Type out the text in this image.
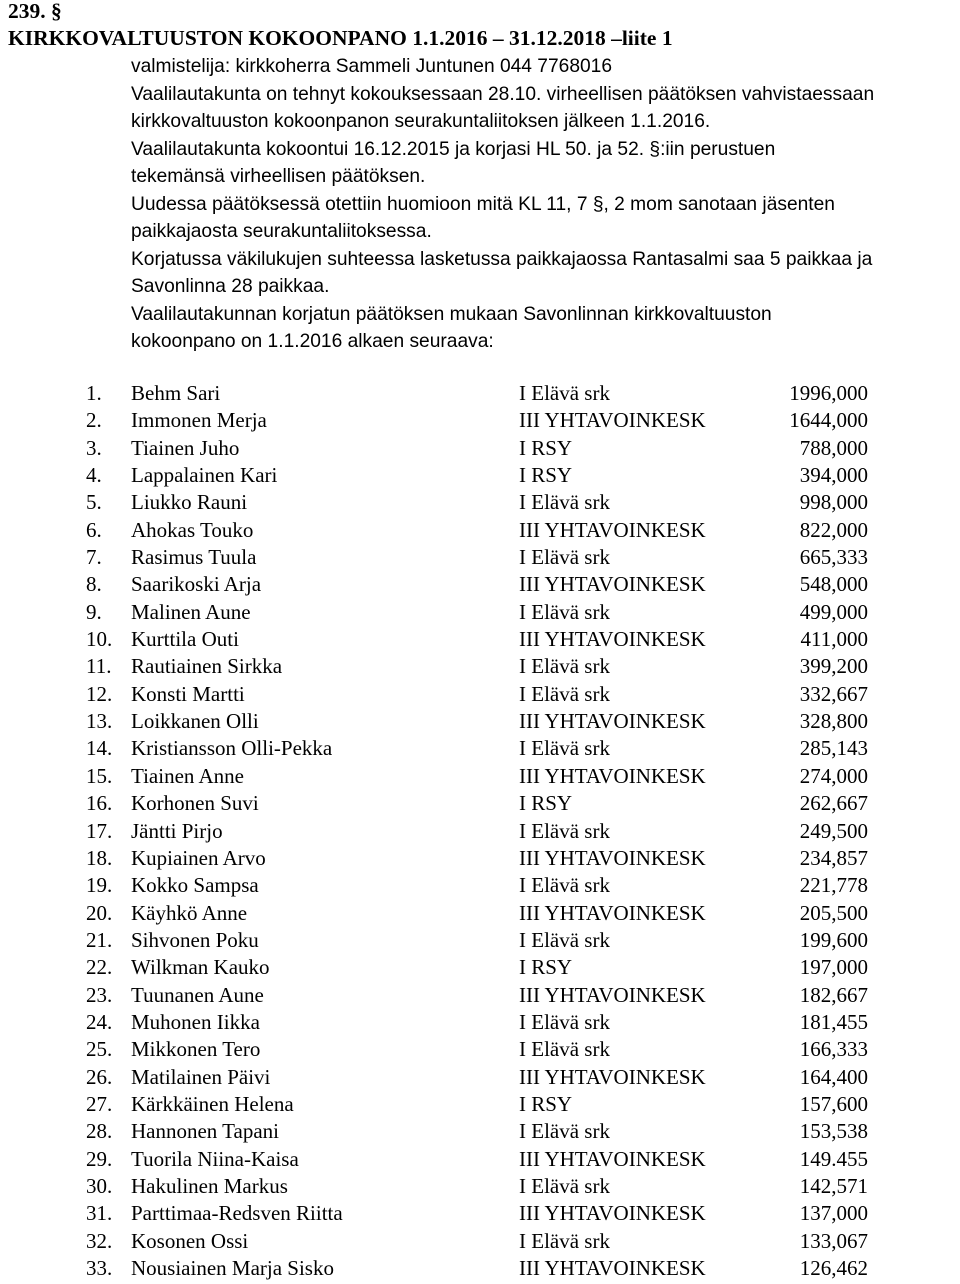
239. §
KIRKKOVALTUUSTON KOKOONPANO 1.1.2016 – 31.12.2018 –liite 1
valmistelija: kirkkoherra Sammeli Juntunen 044 7768016
Vaalilautakunta on tehnyt kokouksessaan 28.10. virheellisen päätöksen vahvistaessaan
kirkkovaltuuston kokoonpanon seurakuntaliitoksen jälkeen 1.1.2016.
Vaalilautakunta kokoontui 16.12.2015 ja korjasi HL 50. ja 52. §:iin perustuen
tekemänsä virheellisen päätöksen.
Uudessa päätöksessä otettiin huomioon mitä KL 11, 7 §, 2 mom sanotaan jäsenten
paikkajaosta seurakuntaliitoksessa.
Korjatussa väkilukujen suhteessa lasketussa paikkajaossa Rantasalmi saa 5 paikkaa ja
Savonlinna 28 paikkaa.
Vaalilautakunnan korjatun päätöksen mukaan Savonlinnan kirkkovaltuuston
kokoonpano on 1.1.2016 alkaen seuraava:
1. Behm Sari	I Elävä srk	1996,000
2. Immonen Merja	III YHTAVOINKESK	1644,000
3. Tiainen Juho	I RSY	788,000
4. Lappalainen Kari	I RSY	394,000
5. Liukko Rauni	I Elävä srk	998,000
6. Ahokas Touko	III YHTAVOINKESK	822,000
7. Rasimus Tuula	I Elävä srk	665,333
8. Saarikoski Arja	III YHTAVOINKESK	548,000
9. Malinen Aune	I Elävä srk	499,000
10. Kurttila Outi	III YHTAVOINKESK	411,000
11. Rautiainen Sirkka	I Elävä srk	399,200
12. Konsti Martti	I Elävä srk	332,667
13. Loikkanen Olli	III YHTAVOINKESK	328,800
14. Kristiansson Olli-Pekka	I Elävä srk	285,143
15. Tiainen Anne	III YHTAVOINKESK	274,000
16. Korhonen Suvi	I RSY	262,667
17. Jäntti Pirjo	I Elävä srk	249,500
18. Kupiainen Arvo	III YHTAVOINKESK	234,857
19. Kokko Sampsa	I Elävä srk	221,778
20. Käyhkö Anne	III YHTAVOINKESK	205,500
21. Sihvonen Poku	I Elävä srk	199,600
22. Wilkman Kauko	I RSY	197,000
23. Tuunanen Aune	III YHTAVOINKESK	182,667
24. Muhonen Iikka	I Elävä srk	181,455
25. Mikkonen Tero	I Elävä srk	166,333
26. Matilainen Päivi	III YHTAVOINKESK	164,400
27. Kärkkäinen Helena	I RSY	157,600
28. Hannonen Tapani	I Elävä srk	153,538
29. Tuorila Niina-Kaisa	III YHTAVOINKESK	149.455
30. Hakulinen Markus	I Elävä srk	142,571
31. Parttimaa-Redsven Riitta	III YHTAVOINKESK	137,000
32. Kosonen Ossi	I Elävä srk	133,067
33. Nousiainen Marja Sisko	III YHTAVOINKESK	126,462
